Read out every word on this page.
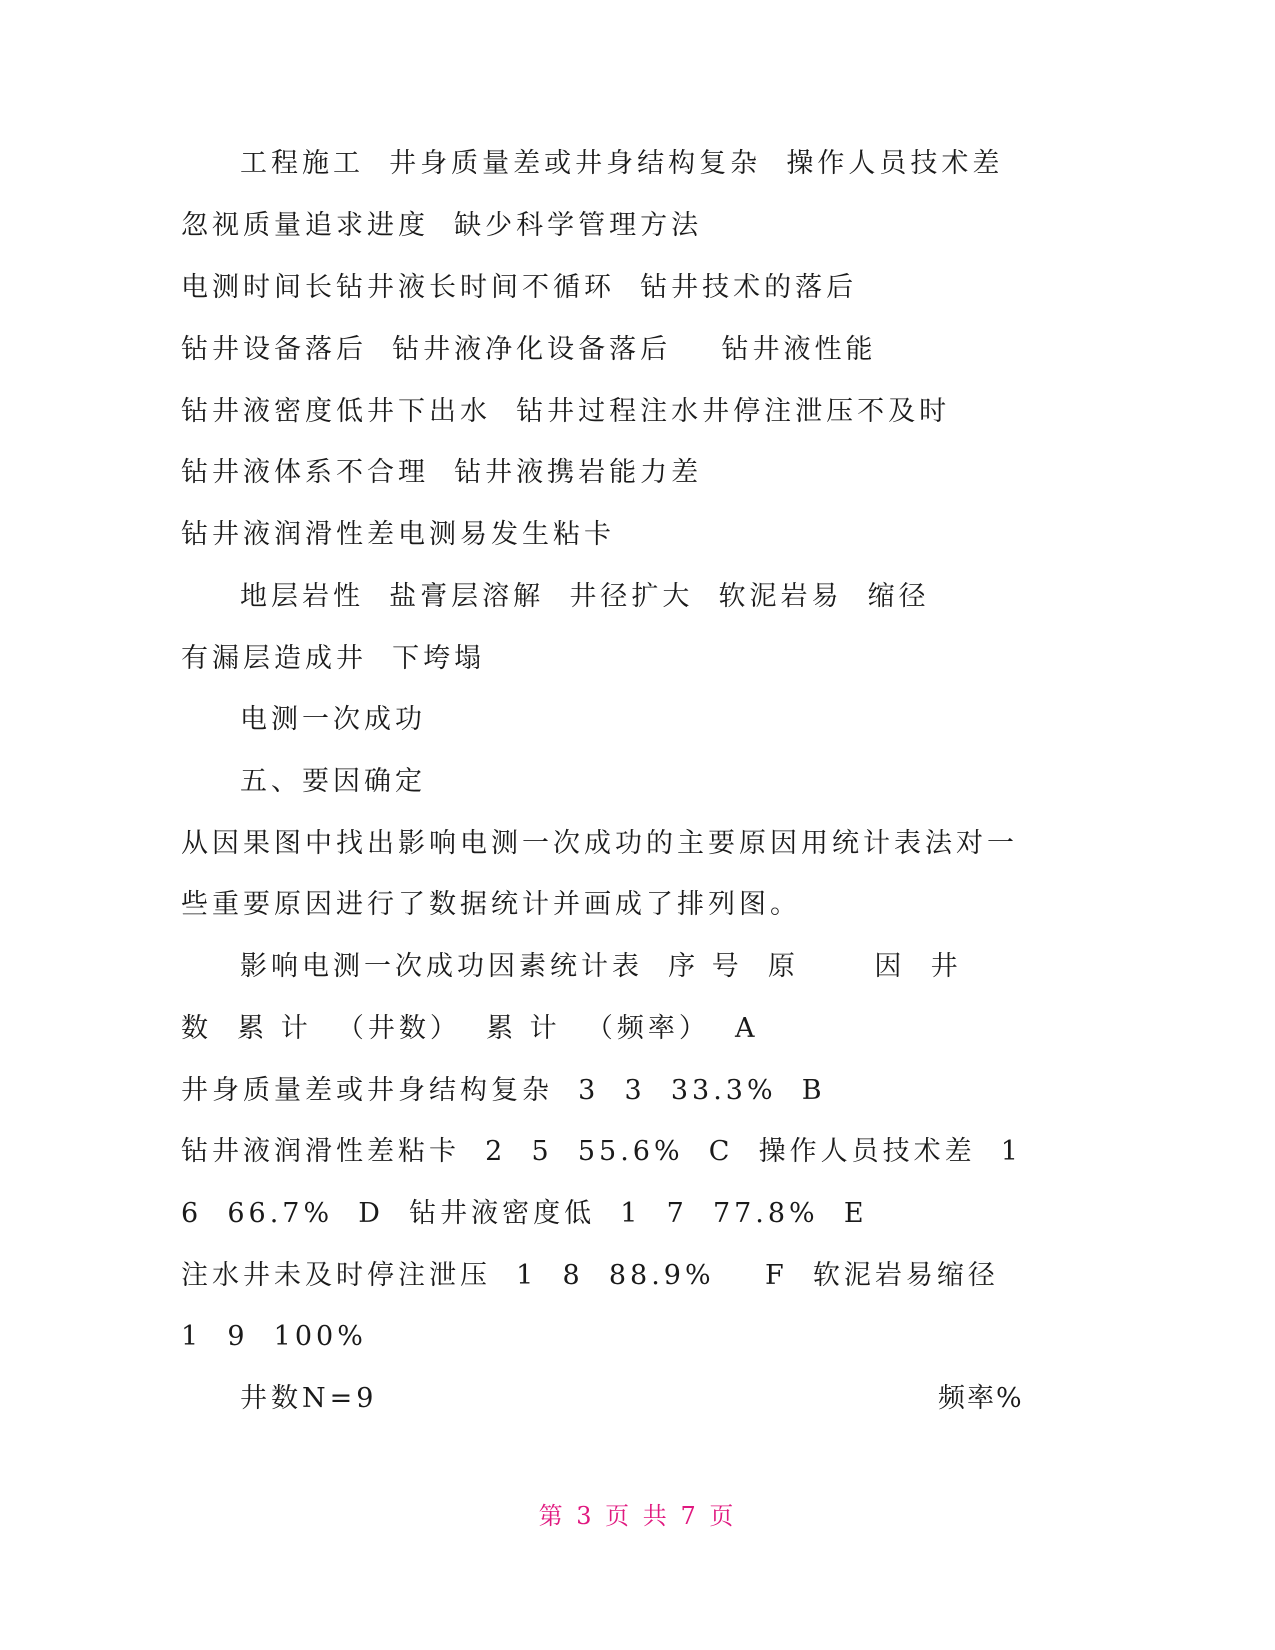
工程施工  井身质量差或井身结构复杂  操作人员技术差
忽视质量追求进度  缺少科学管理方法
电测时间长钻井液长时间不循环  钻井技术的落后
钻井设备落后  钻井液净化设备落后    钻井液性能
钻井液密度低井下出水  钻井过程注水井停注泄压不及时
钻井液体系不合理  钻井液携岩能力差
钻井液润滑性差电测易发生粘卡
地层岩性  盐膏层溶解  井径扩大  软泥岩易  缩径
有漏层造成井  下垮塌
电测一次成功
五、要因确定
从因果图中找出影响电测一次成功的主要原因用统计表法对一
些重要原因进行了数据统计并画成了排列图。
影响电测一次成功因素统计表  序 号  原      因  井
数  累 计  （井数）  累 计  （频率）  A
井身质量差或井身结构复杂  3  3  33.3%  B
钻井液润滑性差粘卡  2  5  55.6%  C  操作人员技术差  1
6  66.7%  D  钻井液密度低  1  7  77.8%  E
注水井未及时停注泄压  1  8  88.9%    F  软泥岩易缩径
1  9  100%
井数N=9	频率%
第 3 页 共 7 页
